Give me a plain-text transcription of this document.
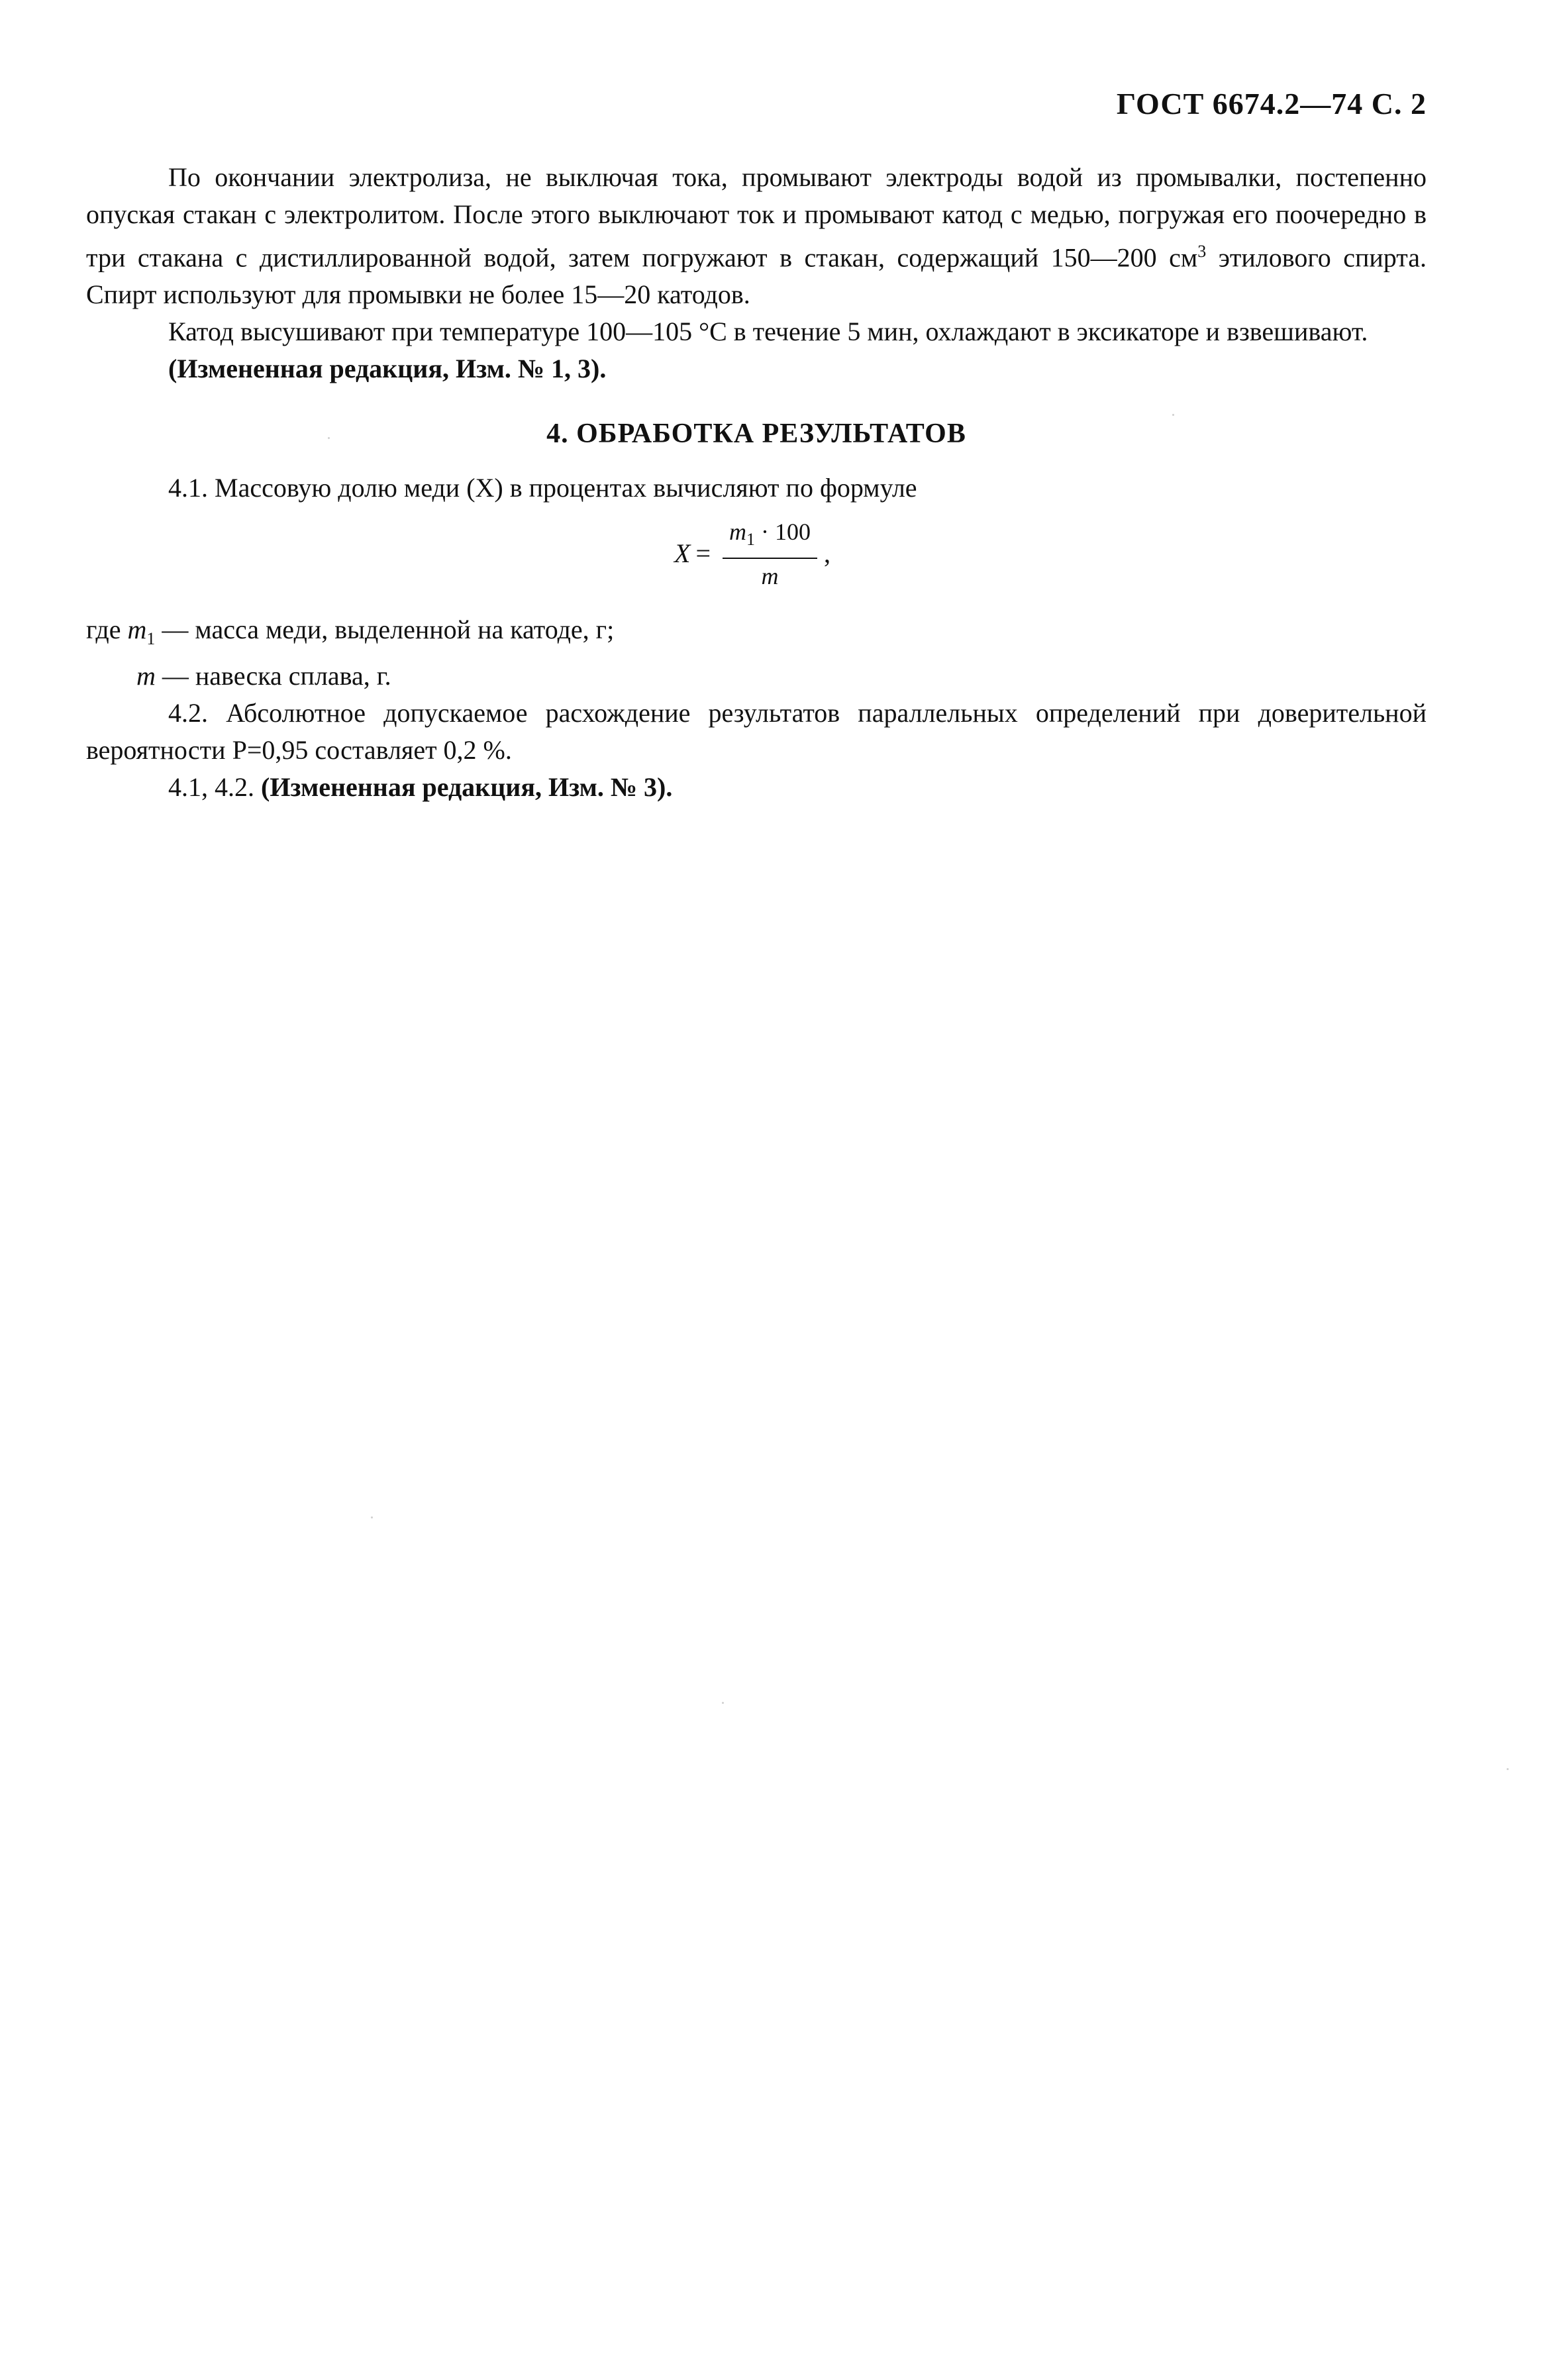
ГОСТ 6674.2—74 С. 2

По окончании электролиза, не выключая тока, промывают электроды водой из промывалки, постепенно опуская стакан с электролитом. После этого выключают ток и промывают катод с медью, погружая его поочередно в три стакана с дистиллированной водой, затем погружают в стакан, содержащий 150—200 $см^3$ этилового спирта. Спирт используют для промывки не более 15—20 катодов.

Катод высушивают при температуре 100—105 °С в течение 5 мин, охлаждают в эксикаторе и взвешивают.

(Измененная редакция, Изм. № 1, 3).

4. ОБРАБОТКА РЕЗУЛЬТАТОВ

4.1. Массовую долю меди (X) в процентах вычисляют по формуле

$X = \frac{m_1 \cdot 100}{m}$ ,

где $m_1$ — масса меди, выделенной на катоде, г;

m — навеска сплава, г.

4.2. Абсолютное допускаемое расхождение результатов параллельных определений при доверительной вероятности P=0,95 составляет 0,2 %.

4.1, 4.2. (Измененная редакция, Изм. № 3).
